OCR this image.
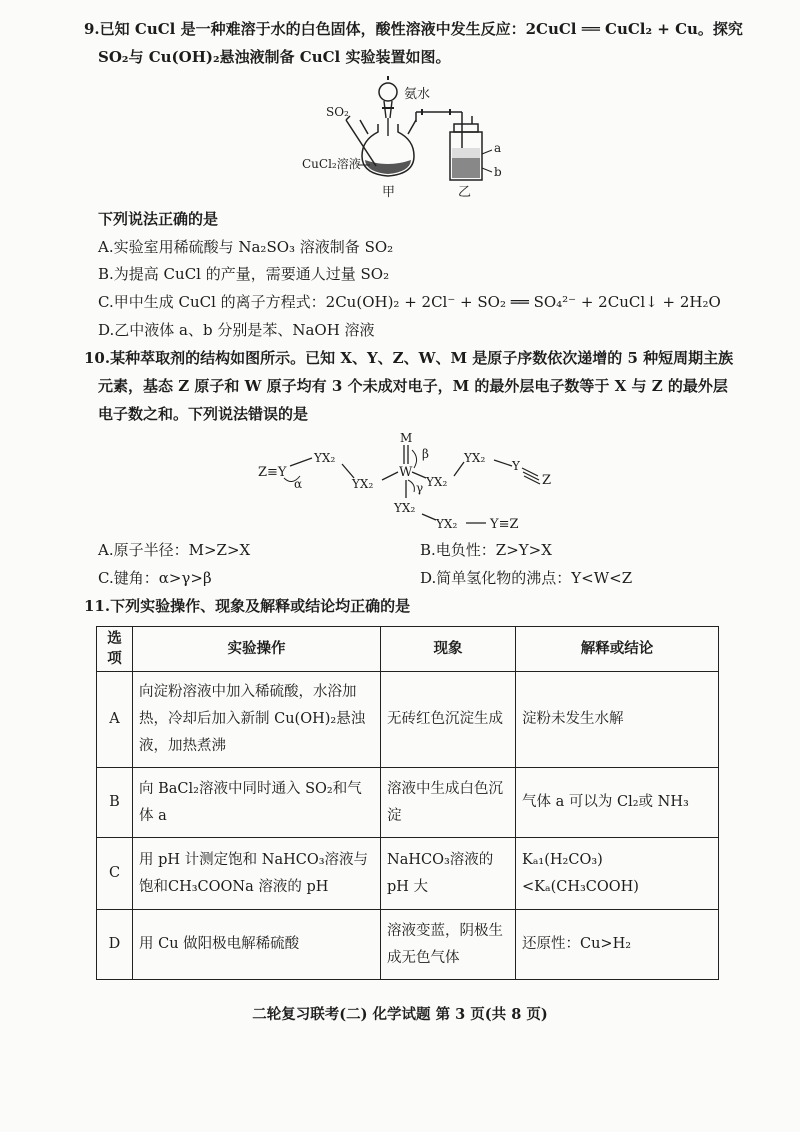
9.已知 CuCl 是一种难溶于水的白色固体，酸性溶液中发生反应：2CuCl ══ CuCl₂ + Cu。探究
SO₂与 Cu(OH)₂悬浊液制备 CuCl 实验装置如图。
SO₂
氨水
CuCl₂溶液
甲	乙
a
b
下列说法正确的是
A.实验室用稀硫酸与 Na₂SO₃ 溶液制备 SO₂
B.为提高 CuCl 的产量，需要通人过量 SO₂
C.甲中生成 CuCl 的离子方程式：2Cu(OH)₂ + 2Cl⁻ + SO₂ ══ SO₄²⁻ + 2CuCl↓ + 2H₂O
D.乙中液体 a、b 分别是苯、NaOH 溶液
10.某种萃取剂的结构如图所示。已知 X、Y、Z、W、M 是原子序数依次递增的 5 种短周期主族
元素，基态 Z 原子和 W 原子均有 3 个未成对电子，M 的最外层电子数等于 X 与 Z 的最外层
电子数之和。下列说法错误的是
Z≡Y
α
YX₂
YX₂
M
W
β
γ YX₂
YX₂
Y
Z
YX₂
YX₂	Y≡Z
A.原子半径：M>Z>X	B.电负性：Z>Y>X
C.键角：α>γ>β	D.简单氢化物的沸点：Y<W<Z
11.下列实验操作、现象及解释或结论均正确的是
选项	实验操作	现象	解释或结论
A	向淀粉溶液中加入稀硫酸，水浴加热，冷却后加入新制 Cu(OH)₂悬浊液，加热煮沸	无砖红色沉淀生成	淀粉未发生水解
B	向 BaCl₂溶液中同时通入 SO₂和气体 a	溶液中生成白色沉淀	气体 a 可以为 Cl₂或 NH₃
C	用 pH 计测定饱和 NaHCO₃溶液与饱和CH₃COONa 溶液的 pH	NaHCO₃溶液的 pH 大	Kₐ₁(H₂CO₃)<Kₐ(CH₃COOH)
D	用 Cu 做阳极电解稀硫酸	溶液变蓝，阴极生成无色气体	还原性：Cu>H₂
二轮复习联考(二) 化学试题 第 3 页(共 8 页)
